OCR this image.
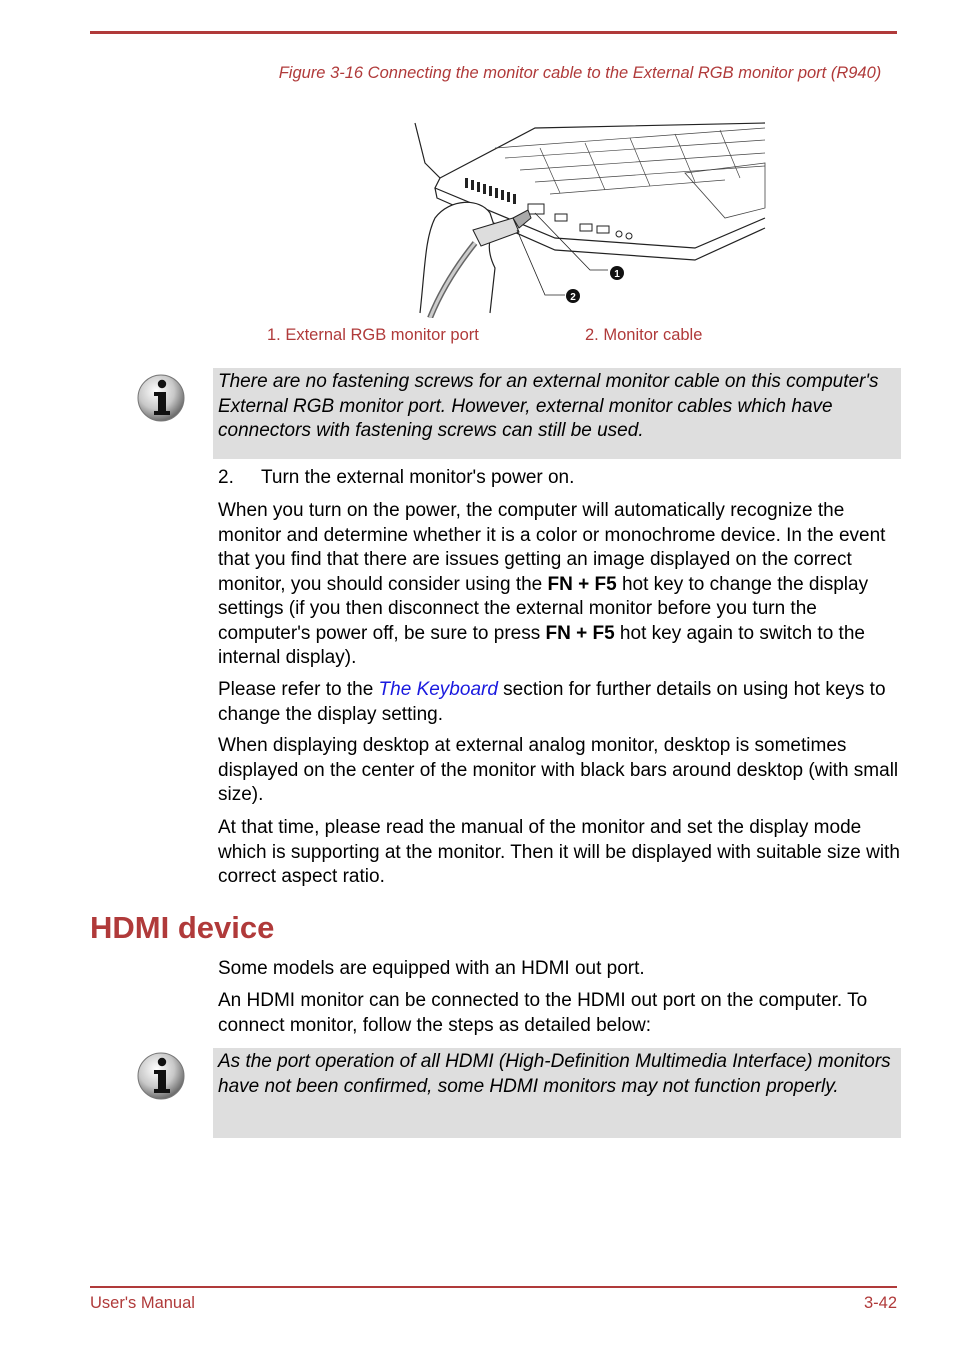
Figure 3-16 Connecting the monitor cable to the External RGB monitor port (R940)
1
2
1. External RGB monitor port	2. Monitor cable
There are no fastening screws for an external monitor cable on this computer's External RGB monitor port. However, external monitor cables which have connectors with fastening screws can still be used.
2. Turn the external monitor's power on.

When you turn on the power, the computer will automatically recognize the monitor and determine whether it is a color or monochrome device. In the event that you find that there are issues getting an image displayed on the correct monitor, you should consider using the FN + F5 hot key to change the display settings (if you then disconnect the external monitor before you turn the computer's power off, be sure to press FN + F5 hot key again to switch to the internal display).

Please refer to the The Keyboard section for further details on using hot keys to change the display setting.

When displaying desktop at external analog monitor, desktop is sometimes displayed on the center of the monitor with black bars around desktop (with small size).

At that time, please read the manual of the monitor and set the display mode which is supporting at the monitor. Then it will be displayed with suitable size with correct aspect ratio.

HDMI device

Some models are equipped with an HDMI out port.

An HDMI monitor can be connected to the HDMI out port on the computer. To connect monitor, follow the steps as detailed below:

As the port operation of all HDMI (High-Definition Multimedia Interface) monitors have not been confirmed, some HDMI monitors may not function properly.
User's Manual	3-42
